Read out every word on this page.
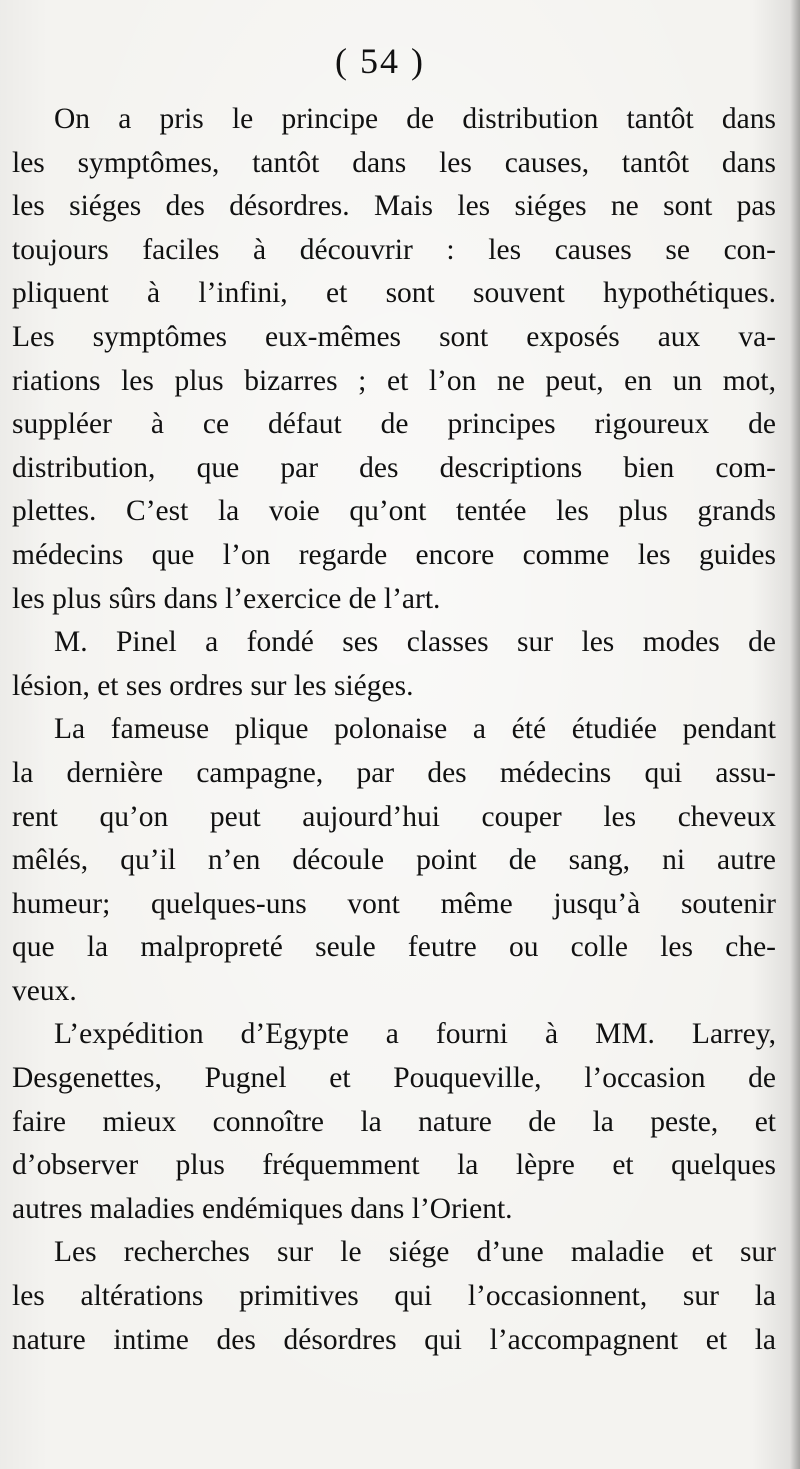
( 54 )

On a pris le principe de distribution tantôt dans
les symptômes, tantôt dans les causes, tantôt dans
les siéges des désordres. Mais les siéges ne sont pas
toujours faciles à découvrir : les causes se con-
pliquent à l’infini, et sont souvent hypothétiques.
Les symptômes eux-mêmes sont exposés aux va-
riations les plus bizarres ; et l’on ne peut, en un mot,
suppléer à ce défaut de principes rigoureux de
distribution, que par des descriptions bien com-
plettes. C’est la voie qu’ont tentée les plus grands
médecins que l’on regarde encore comme les guides
les plus sûrs dans l’exercice de l’art.

M. Pinel a fondé ses classes sur les modes de
lésion, et ses ordres sur les siéges.

La fameuse plique polonaise a été étudiée pendant
la dernière campagne, par des médecins qui assu-
rent qu’on peut aujourd’hui couper les cheveux
mêlés, qu’il n’en découle point de sang, ni autre
humeur; quelques-uns vont même jusqu’à soutenir
que la malpropreté seule feutre ou colle les che-
veux.

L’expédition d’Egypte a fourni à MM. Larrey,
Desgenettes, Pugnel et Pouqueville, l’occasion de
faire mieux connoître la nature de la peste, et
d’observer plus fréquemment la lèpre et quelques
autres maladies endémiques dans l’Orient.

Les recherches sur le siége d’une maladie et sur
les altérations primitives qui l’occasionnent, sur la
nature intime des désordres qui l’accompagnent et la
